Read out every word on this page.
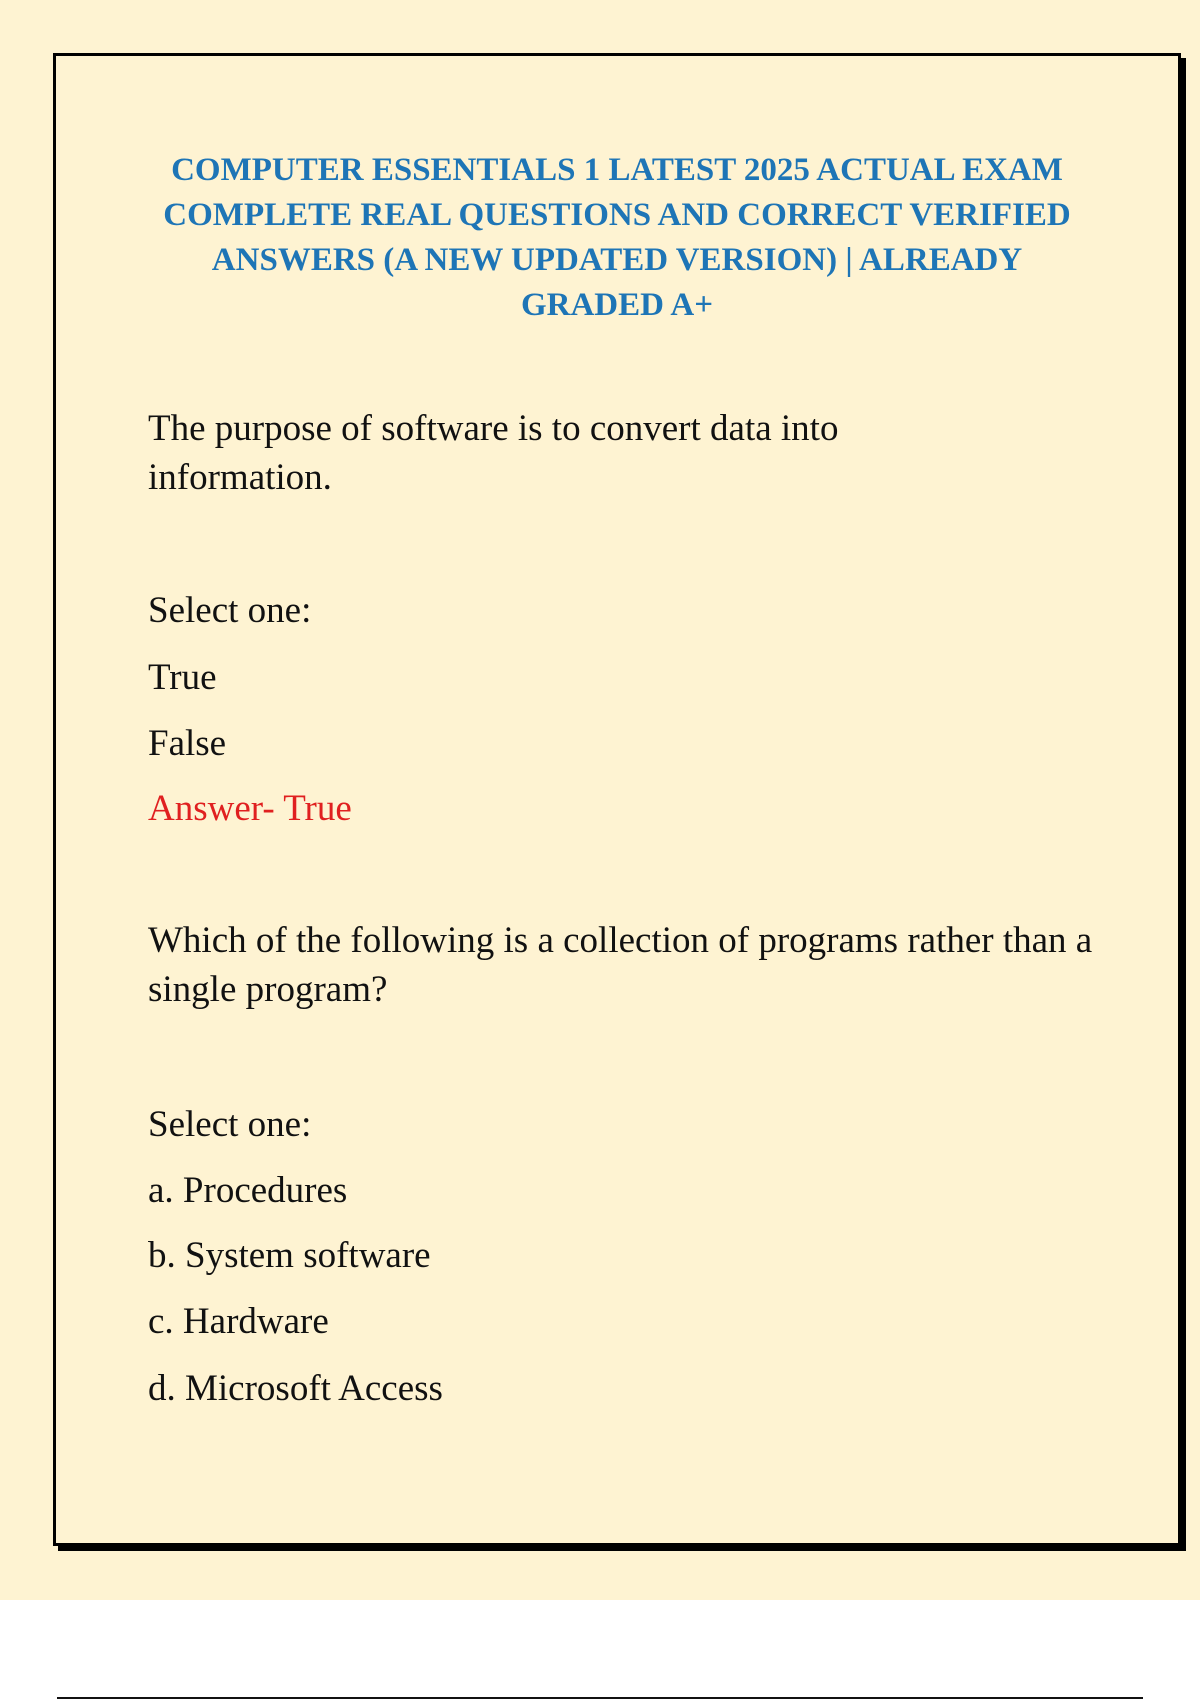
COMPUTER ESSENTIALS 1 LATEST 2025 ACTUAL EXAM COMPLETE REAL QUESTIONS AND CORRECT VERIFIED ANSWERS (A NEW UPDATED VERSION) | ALREADY GRADED A+

The purpose of software is to convert data into information.

Select one:

True

False

Answer- True

Which of the following is a collection of programs rather than a single program?

Select one:

a. Procedures

b. System software

c. Hardware

d. Microsoft Access
